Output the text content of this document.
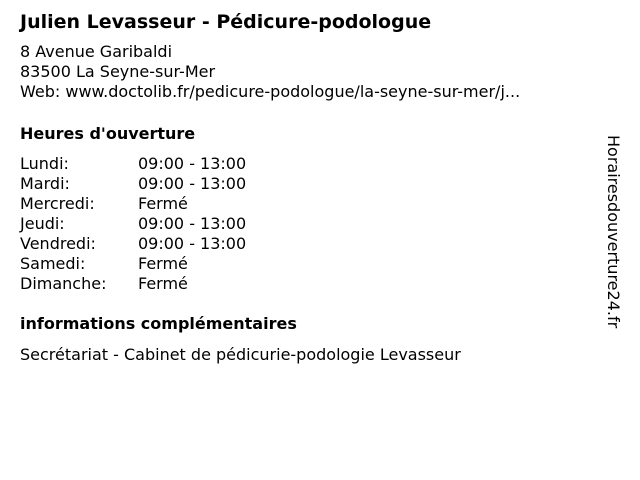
Julien Levasseur - Pédicure-podologue
8 Avenue Garibaldi
83500 La Seyne-sur-Mer
Web: www.doctolib.fr/pedicure-podologue/la-seyne-sur-mer/j...
Heures d'ouverture
Lundi:	09:00 - 13:00
Mardi:	09:00 - 13:00
Mercredi:	Fermé
Jeudi:	09:00 - 13:00
Vendredi:	09:00 - 13:00
Samedi:	Fermé
Dimanche: Fermé
informations complémentaires
Secrétariat - Cabinet de pédicurie-podologie Levasseur
Horairesdouverture24.fr
